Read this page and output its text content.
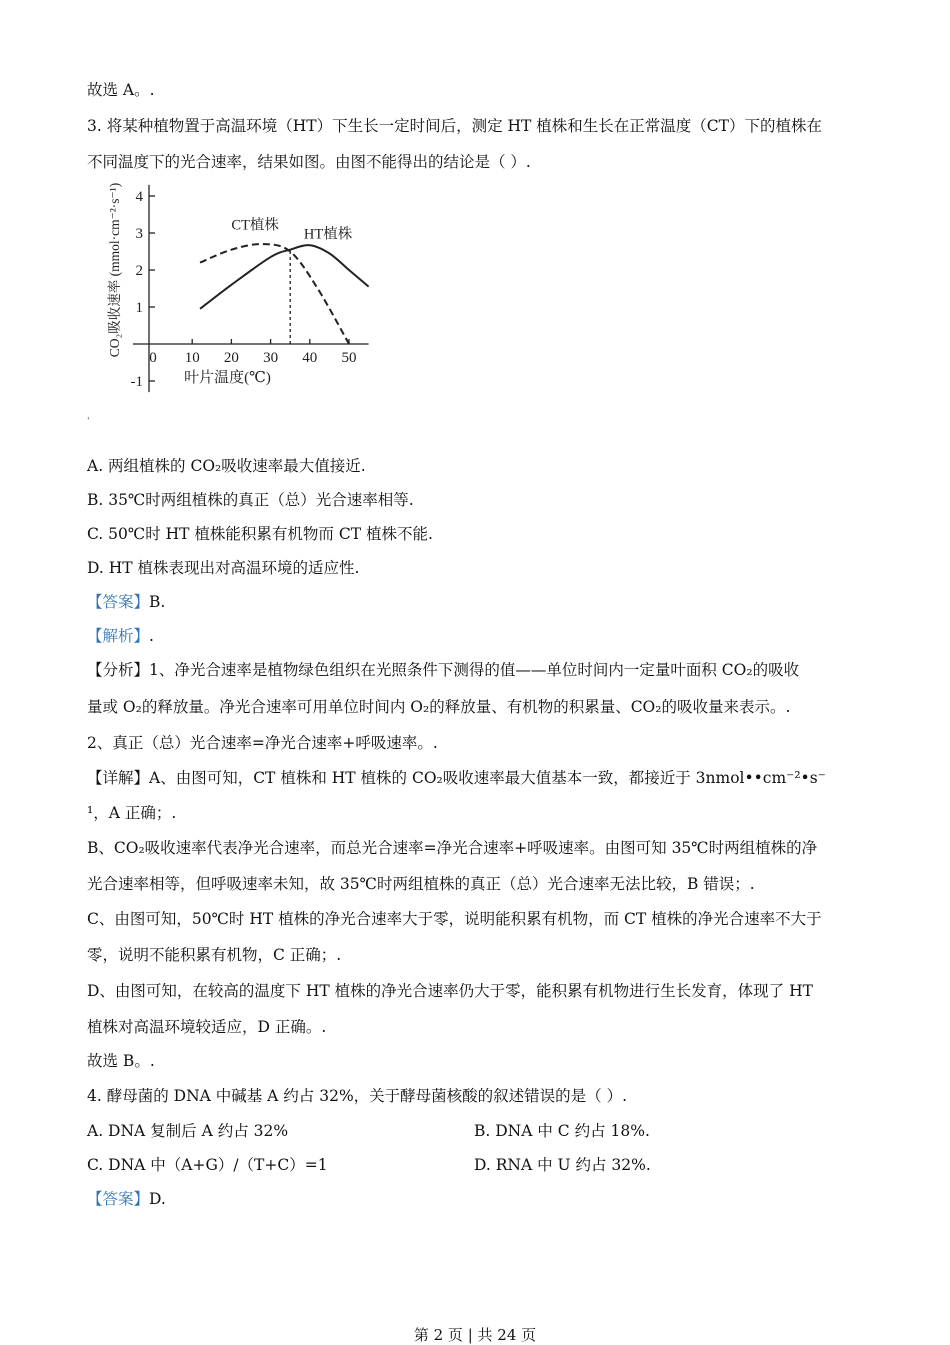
故选 A。.
3. 将某种植物置于高温环境（HT）下生长一定时间后，测定 HT 植株和生长在正常温度（CT）下的植株在
不同温度下的光合速率，结果如图。由图不能得出的结论是（ ）.
0 10 20 30 40 50
-1
1
2
3
4
叶片温度(℃)
CO₂吸收速率 (mmol·cm⁻²·s⁻¹)	CT植株
HT植株
'
A. 两组植株的 CO₂吸收速率最大值接近.
B. 35℃时两组植株的真正（总）光合速率相等.
C. 50℃时 HT 植株能积累有机物而 CT 植株不能.
D. HT 植株表现出对高温环境的适应性.
【答案】B.
【解析】.
【分析】1、净光合速率是植物绿色组织在光照条件下测得的值——单位时间内一定量叶面积 CO₂的吸收
量或 O₂的释放量。净光合速率可用单位时间内 O₂的释放量、有机物的积累量、CO₂的吸收量来表示。.
2、真正（总）光合速率=净光合速率+呼吸速率。.
【详解】A、由图可知，CT 植株和 HT 植株的 CO₂吸收速率最大值基本一致，都接近于 3nmol••cm⁻²•s⁻
¹，A 正确；.
B、CO₂吸收速率代表净光合速率，而总光合速率=净光合速率+呼吸速率。由图可知 35℃时两组植株的净
光合速率相等，但呼吸速率未知，故 35℃时两组植株的真正（总）光合速率无法比较，B 错误；.
C、由图可知，50℃时 HT 植株的净光合速率大于零，说明能积累有机物，而 CT 植株的净光合速率不大于
零，说明不能积累有机物，C 正确；.
D、由图可知，在较高的温度下 HT 植株的净光合速率仍大于零，能积累有机物进行生长发育，体现了 HT
植株对高温环境较适应，D 正确。.
故选 B。.
4. 酵母菌的 DNA 中碱基 A 约占 32%，关于酵母菌核酸的叙述错误的是（ ）.
A. DNA 复制后 A 约占 32%	B. DNA 中 C 约占 18%.
C. DNA 中（A+G）/（T+C）=1	D. RNA 中 U 约占 32%.
【答案】D.
第 2 页 | 共 24 页
